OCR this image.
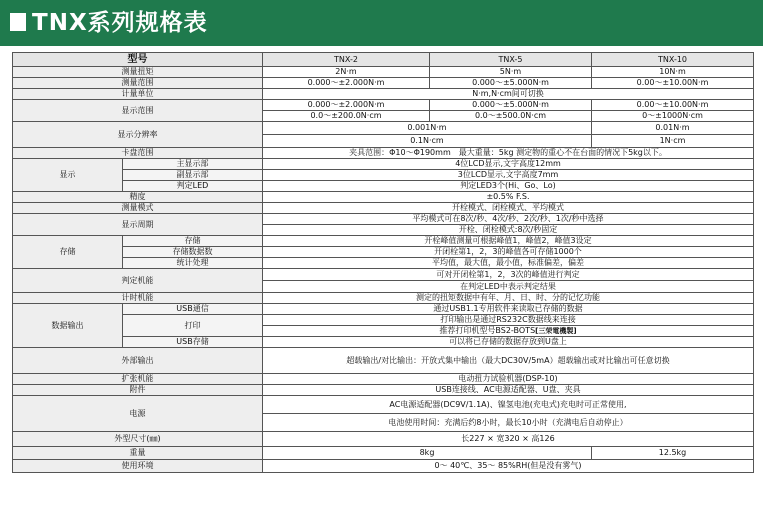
TNX系列规格表
型号		TNX-2	TNX-5	TNX-10
测量扭矩		2N·m	5N·m	10N·m
测量范围		0.000～±2.000N·m	0.000～±5.000N·m	0.00～±10.00N·m
计量单位		N·m,N·cm间可切换		
显示范围		0.000～±2.000N·m	0.000～±5.000N·m	0.00～±10.00N·m
		0.0～±200.0N·cm	0.0～±500.0N·cm	0～±1000N·cm
显示分辨率		0.001N·m		0.01N·m
		0.1N·cm		1N·cm
卡盘范围		夹具范围：Φ10～Φ190mm　最大重量：5kg 测定物的重心不在台面的情况下5kg以下。		
显示	主显示部	4位LCD显示,文字高度12mm		
	副显示部	3位LCD显示,文字高度7mm		
	判定LED	判定LED3个(Hi、Go、Lo)		
精度		±0.5% F.S.		
测量模式		开栓模式、闭栓模式、平均模式		
显示周期		平均模式可在8次/秒、4次/秒、2次/秒、1次/秒中选择		
		开栓、闭栓模式:8次/秒固定		
存储	存储	开栓峰值测量可根据峰值1，峰值2，峰值3设定		
	存储数据数	开闭栓第1，2，3的峰值各可存储1000个		
	统计处理	平均值，最大值，最小值，标准偏差，偏差		
判定机能		可对开闭栓第1，2，3次的峰值进行判定		
		在判定LED中表示判定结果		
计时机能		测定的扭矩数据中有年、月、日、时、分的记忆功能		
数据输出	USB通信	通过USB1.1专用软件来读取已存储的数据		
	打印	打印输出是通过RS232C数据线来连接		
		推荐打印机型号BS2-BOTS[三荣電機製]		
	USB存储	可以将已存储的数据存放到U盘上		
外部输出		超载输出/对比输出：开放式集中输出（最大DC30V/5mA）超载输出或对比输出可任意切换		
扩张机能		电动扭力试验机器(DSP-10)		
附件		USB连接线、AC电源适配器、U盘、夹具		
电源		AC电源适配器(DC9V/1.1A)、镍氢电池(充电式)充电时可正常使用,		
		电池使用时间：充满后约8小时，最长10小时（充满电后自动停止）		
外型尺寸(㎜)		长227 × 宽320 × 高126		
重量		8kg		12.5kg
使用环境		0～ 40℃、35～ 85%RH(但是没有雾气)		
